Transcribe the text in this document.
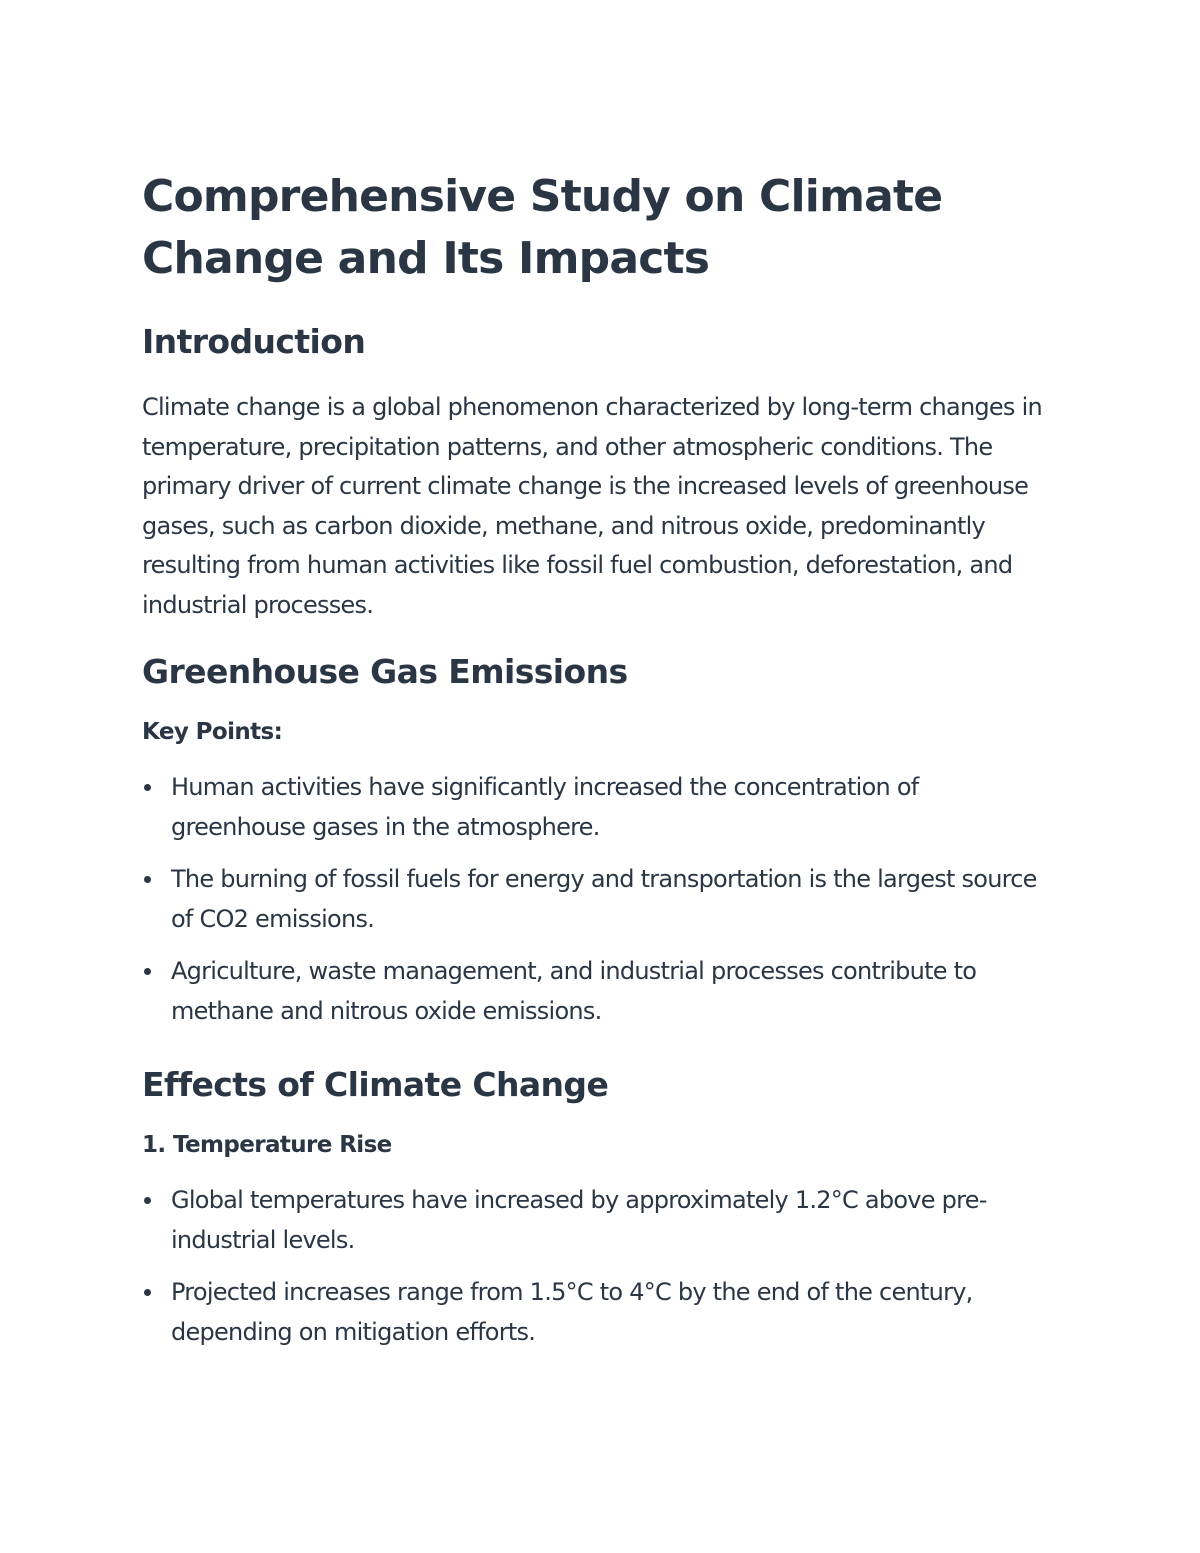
Comprehensive Study on Climate Change and Its Impacts
Introduction

Climate change is a global phenomenon characterized by long-term changes in temperature, precipitation patterns, and other atmospheric conditions. The primary driver of current climate change is the increased levels of greenhouse gases, such as carbon dioxide, methane, and nitrous oxide, predominantly resulting from human activities like fossil fuel combustion, deforestation, and industrial processes.

Greenhouse Gas Emissions
Key Points:
Human activities have significantly increased the concentration of greenhouse gases in the atmosphere.
The burning of fossil fuels for energy and transportation is the largest source of CO2 emissions.
Agriculture, waste management, and industrial processes contribute to methane and nitrous oxide emissions.
Effects of Climate Change
1. Temperature Rise
Global temperatures have increased by approximately 1.2°C above pre-industrial levels.
Projected increases range from 1.5°C to 4°C by the end of the century, depending on mitigation efforts.
